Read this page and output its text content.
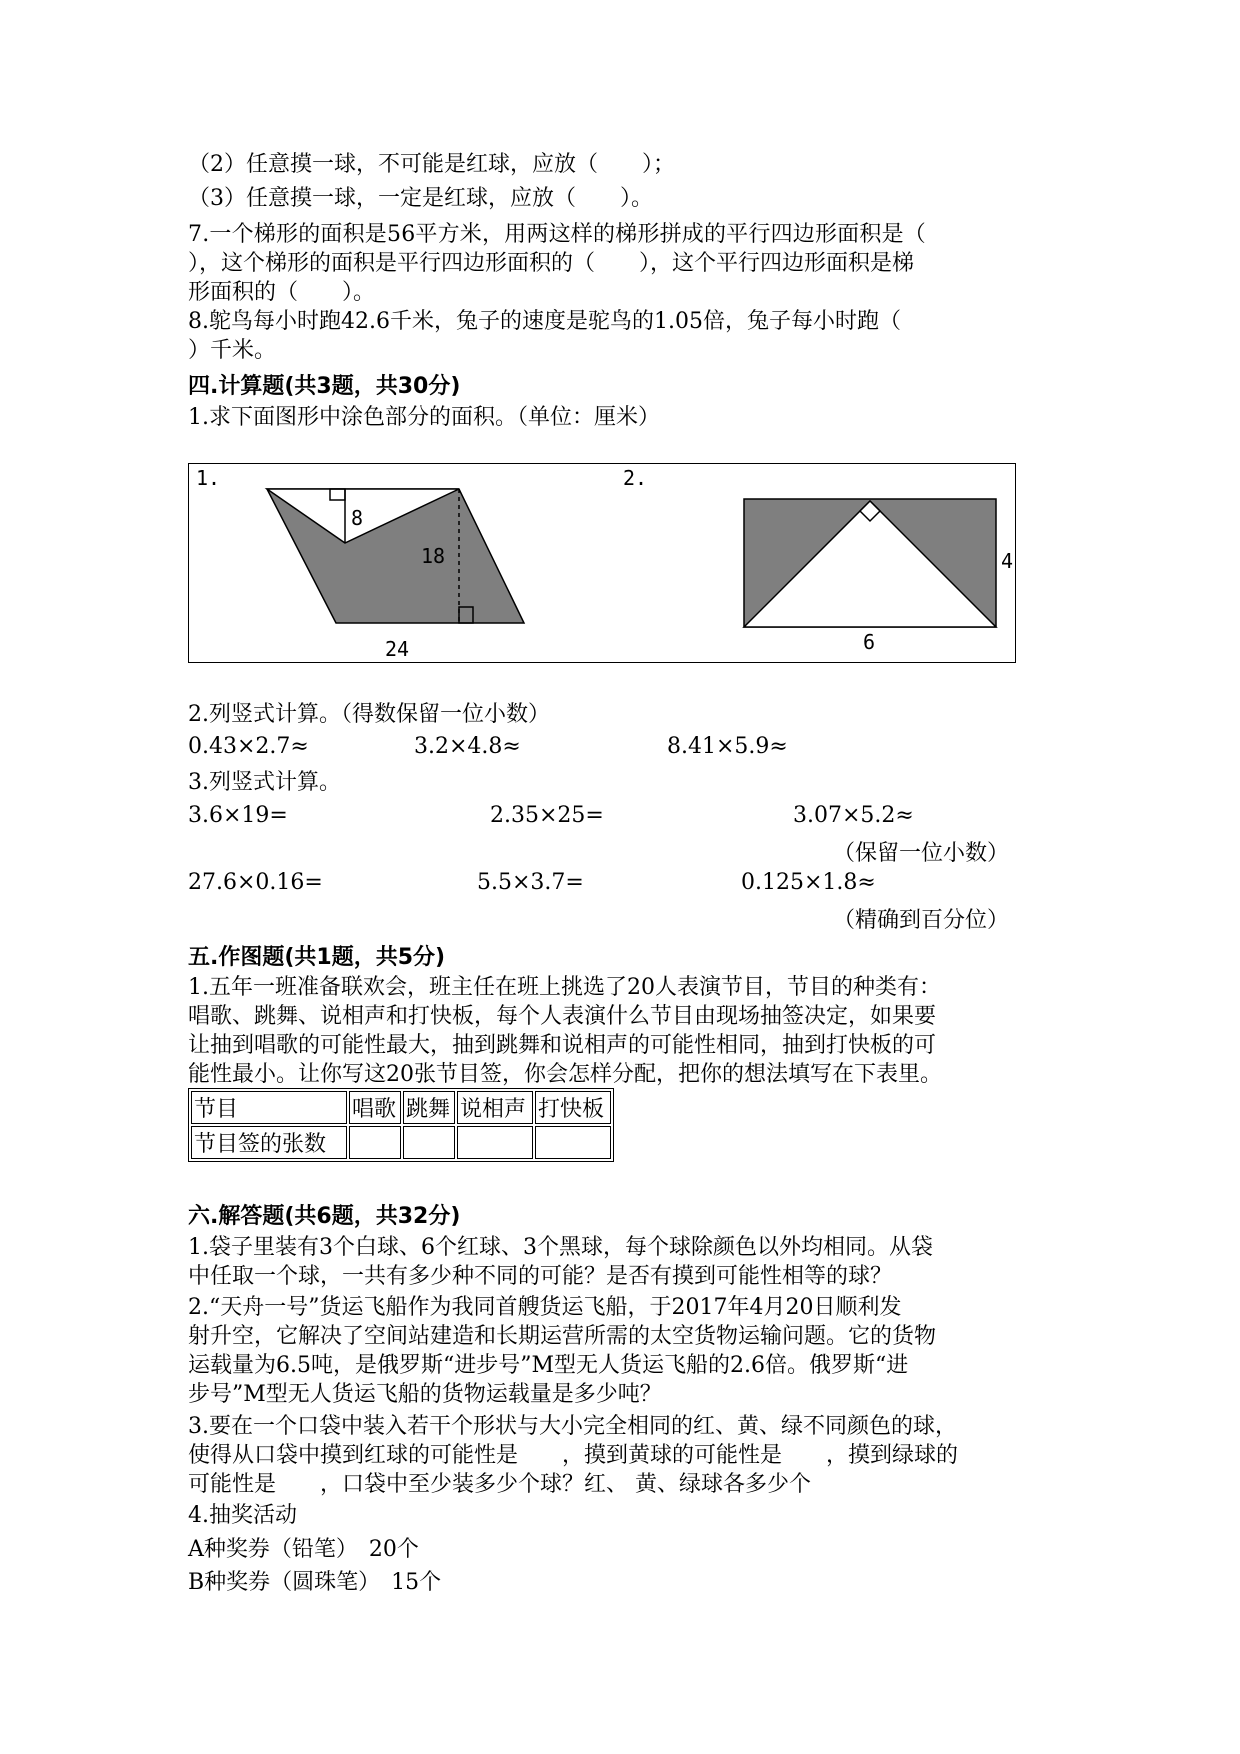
（2）任意摸一球，不可能是红球，应放（　　）；
（3）任意摸一球，一定是红球，应放（　　）。
7.一个梯形的面积是56平方米，用两这样的梯形拼成的平行四边形面积是（
），这个梯形的面积是平行四边形面积的（　　），这个平行四边形面积是梯
形面积的（　　）。
8.鸵鸟每小时跑42.6千米，兔子的速度是驼鸟的1.05倍，兔子每小时跑（
）千米。
四.计算题(共3题，共30分)
1.求下面图形中涂色部分的面积。（单位：厘米）
1.
8
18
24
2.
4
6
2.列竖式计算。（得数保留一位小数）
0.43×2.7≈	3.2×4.8≈	8.41×5.9≈
3.列竖式计算。
3.6×19=	2.35×25=	3.07×5.2≈
（保留一位小数）
27.6×0.16=	5.5×3.7=	0.125×1.8≈
（精确到百分位）
五.作图题(共1题，共5分)
1.五年一班准备联欢会，班主任在班上挑选了20人表演节目，节目的种类有：
唱歌、跳舞、说相声和打快板，每个人表演什么节目由现场抽签决定，如果要
让抽到唱歌的可能性最大，抽到跳舞和说相声的可能性相同，抽到打快板的可
能性最小。让你写这20张节目签，你会怎样分配，把你的想法填写在下表里。
节目	唱歌	跳舞	说相声	打快板
节目签的张数				
六.解答题(共6题，共32分)
1.袋子里装有3个白球、6个红球、3个黑球，每个球除颜色以外均相同。从袋
中任取一个球，一共有多少种不同的可能？是否有摸到可能性相等的球？
2.“天舟一号”货运飞船作为我同首艘货运飞船，于2017年4月20日顺利发
射升空，它解决了空间站建造和长期运营所需的太空货物运输问题。它的货物
运载量为6.5吨，是俄罗斯“进步号”M型无人货运飞船的2.6倍。俄罗斯“进
步号”M型无人货运飞船的货物运载量是多少吨？
3.要在一个口袋中装入若干个形状与大小完全相同的红、黄、绿不同颜色的球，
使得从口袋中摸到红球的可能性是　　，摸到黄球的可能性是　　，摸到绿球的
可能性是　　，口袋中至少装多少个球？红、 黄、绿球各多少个
4.抽奖活动
A种奖券（铅笔）　20个
B种奖券（圆珠笔）　15个
